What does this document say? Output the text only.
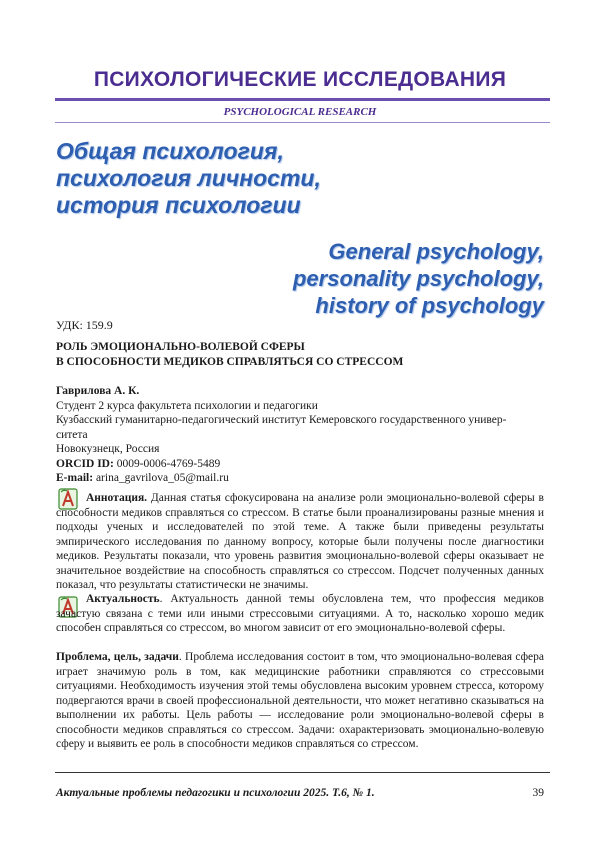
ПСИХОЛОГИЧЕСКИЕ ИССЛЕДОВАНИЯ
PSYCHOLOGICAL RESEARCH
Общая психология,
психология личности,
история психологии
General psychology,
personality psychology,
history of psychology
УДК: 159.9
РОЛЬ ЭМОЦИОНАЛЬНО-ВОЛЕВОЙ СФЕРЫ
В СПОСОБНОСТИ МЕДИКОВ СПРАВЛЯТЬСЯ СО СТРЕССОМ
Гаврилова А. К.
Студент 2 курса факультета психологии и педагогики
Кузбасский гуманитарно-педагогический институт Кемеровского государственного универ-
ситета
Новокузнецк, Россия
ORCID ID: 0009-0006-4769-5489
E-mail: arina_gavrilova_05@mail.ru
Аннотация. Данная статья сфокусирована на анализе роли эмоционально-волевой сферы в способности медиков справляться со стрессом. В статье были проанализированы разные мнения и подходы ученых и исследователей по этой теме. А также были приведены результаты эмпирического исследования по данному вопросу, которые были получены после диагностики медиков. Результаты показали, что уровень развития эмоционально-волевой сферы оказывает не значительное воздействие на способность справляться со стрессом. Подсчет полученных данных показал, что результаты статистически не значимы.
Актуальность. Актуальность данной темы обусловлена тем, что профессия медиков зачастую связана с теми или иными стрессовыми ситуациями. А то, насколько хорошо медик способен справляться со стрессом, во многом зависит от его эмоционально-волевой сферы.
Проблема, цель, задачи. Проблема исследования состоит в том, что эмоционально-волевая сфера играет значимую роль в том, как медицинские работники справляются со стрессовыми ситуациями. Необходимость изучения этой темы обусловлена высоким уровнем стресса, которому подвергаются врачи в своей профессиональной деятельности, что может негативно сказываться на выполнении их работы. Цель работы — исследование роли эмоционально-волевой сферы в способности медиков справляться со стрессом. Задачи: охарактеризовать эмоционально-волевую сферу и выявить ее роль в способности медиков справляться со стрессом.
Актуальные проблемы педагогики и психологии 2025. Т.6, № 1.	39
